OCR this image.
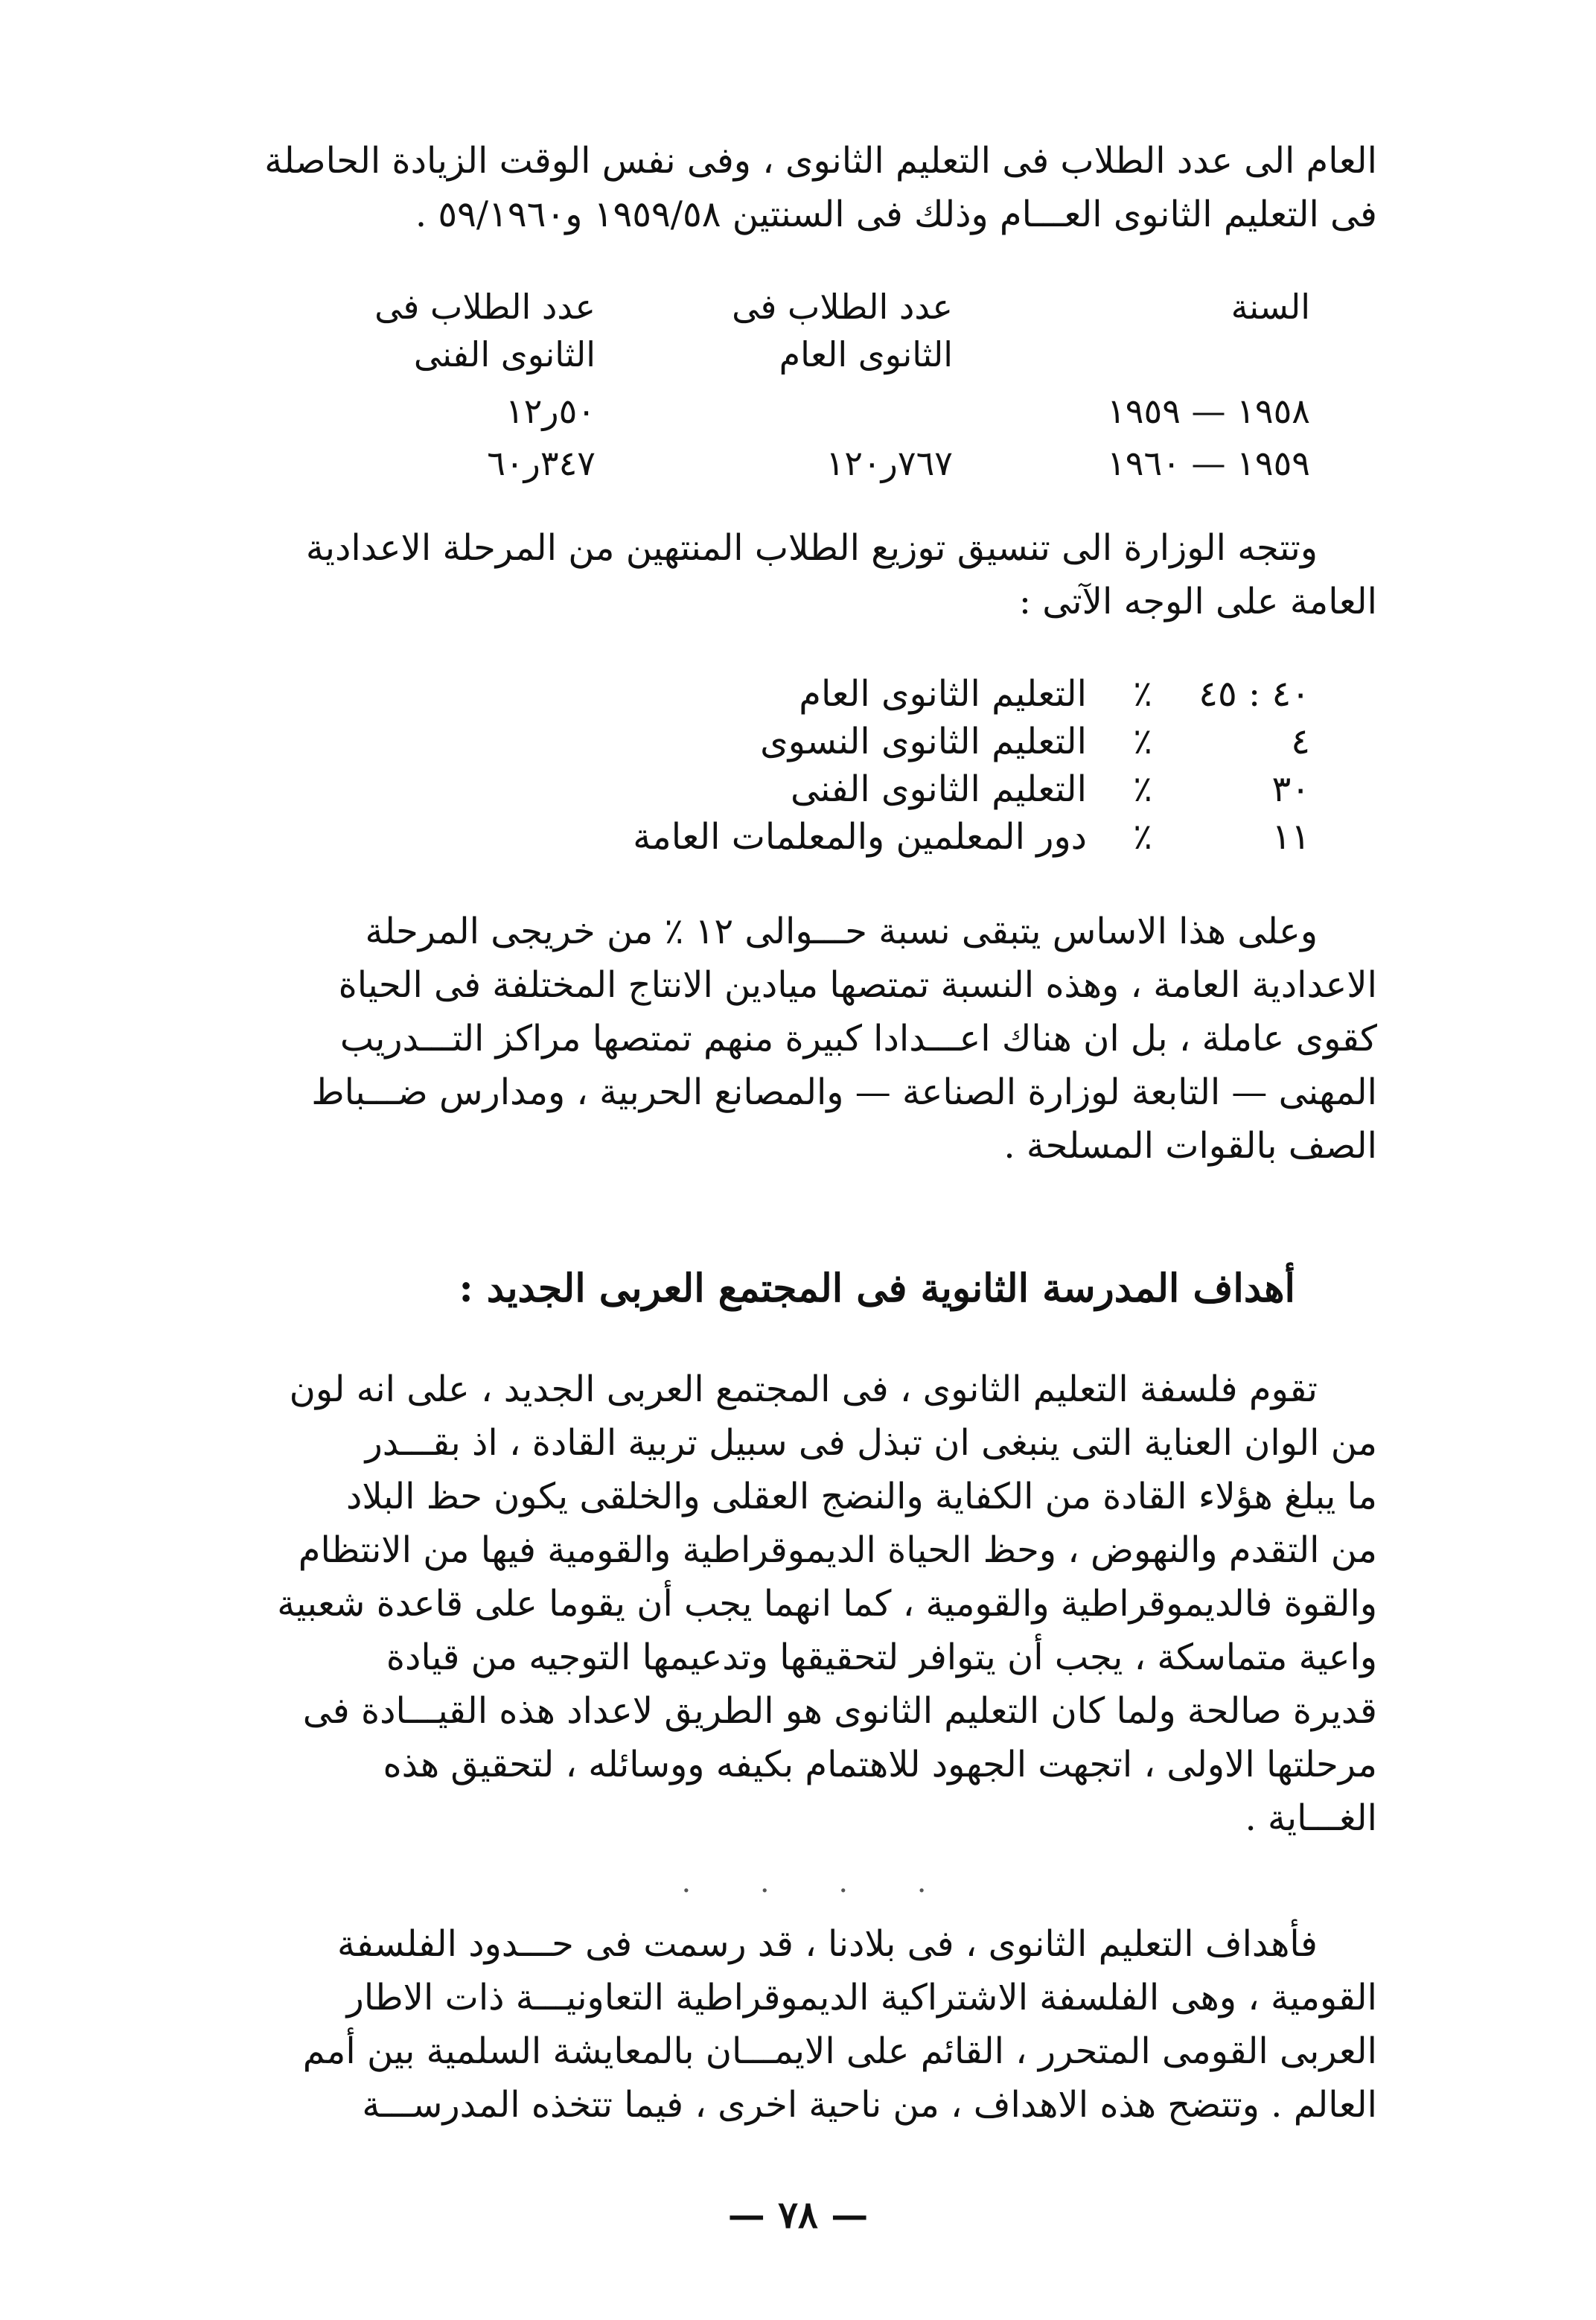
العام الى عدد الطلاب فى التعليم الثانوى ، وفى نفس الوقت الزيادة الحاصلة
فى التعليم الثانوى العـــام وذلك فى السنتين ١٩٥٩/٥٨ و٥٩/١٩٦٠ .
السنة
عدد الطلاب فى الثانوى العام
عدد الطلاب فى الثانوى الفنى
١٩٥٨ — ١٩٥٩
٥٠ر١٢
١٩٥٩ — ١٩٦٠
٧٦٧ر١٢٠
٣٤٧ر٦٠
وتتجه الوزارة الى تنسيق توزيع الطلاب المنتهين من المرحلة الاعدادية
العامة على الوجه الآتى :
٤٠ : ٤٥
٪
التعليم الثانوى العام
٤
٪
التعليم الثانوى النسوى
٣٠
٪
التعليم الثانوى الفنى
١١
٪
دور المعلمين والمعلمات العامة
وعلى هذا الاساس يتبقى نسبة حـــوالى ١٢ ٪ من خريجى المرحلة
الاعدادية العامة ، وهذه النسبة تمتصها ميادين الانتاج المختلفة فى الحياة
كقوى عاملة ، بل ان هناك اعـــدادا كبيرة منهم تمتصها مراكز التـــدريب
المهنى — التابعة لوزارة الصناعة — والمصانع الحربية ، ومدارس ضـــباط
الصف بالقوات المسلحة .
أهداف المدرسة الثانوية فى المجتمع العربى الجديد :
تقوم فلسفة التعليم الثانوى ، فى المجتمع العربى الجديد ، على انه لون
من الوان العناية التى ينبغى ان تبذل فى سبيل تربية القادة ، اذ بقـــدر
ما يبلغ هؤلاء القادة من الكفاية والنضج العقلى والخلقى يكون حظ البلاد
من التقدم والنهوض ، وحظ الحياة الديموقراطية والقومية فيها من الانتظام
والقوة فالديموقراطية والقومية ، كما انهما يجب أن يقوما على قاعدة شعبية
واعية متماسكة ، يجب أن يتوافر لتحقيقها وتدعيمها التوجيه من قيادة
قديرة صالحة ولما كان التعليم الثانوى هو الطريق لاعداد هذه القيـــادة فى
مرحلتها الاولى ، اتجهت الجهود للاهتمام بكيفه ووسائله ، لتحقيق هذه
الغـــاية .
. . . .
فأهداف التعليم الثانوى ، فى بلادنا ، قد رسمت فى حـــدود الفلسفة
القومية ، وهى الفلسفة الاشتراكية الديموقراطية التعاونيـــة ذات الاطار
العربى القومى المتحرر ، القائم على الايمـــان بالمعايشة السلمية بين أمم
العالم . وتتضح هذه الاهداف ، من ناحية اخرى ، فيما تتخذه المدرســـة
— ٧٨ —
